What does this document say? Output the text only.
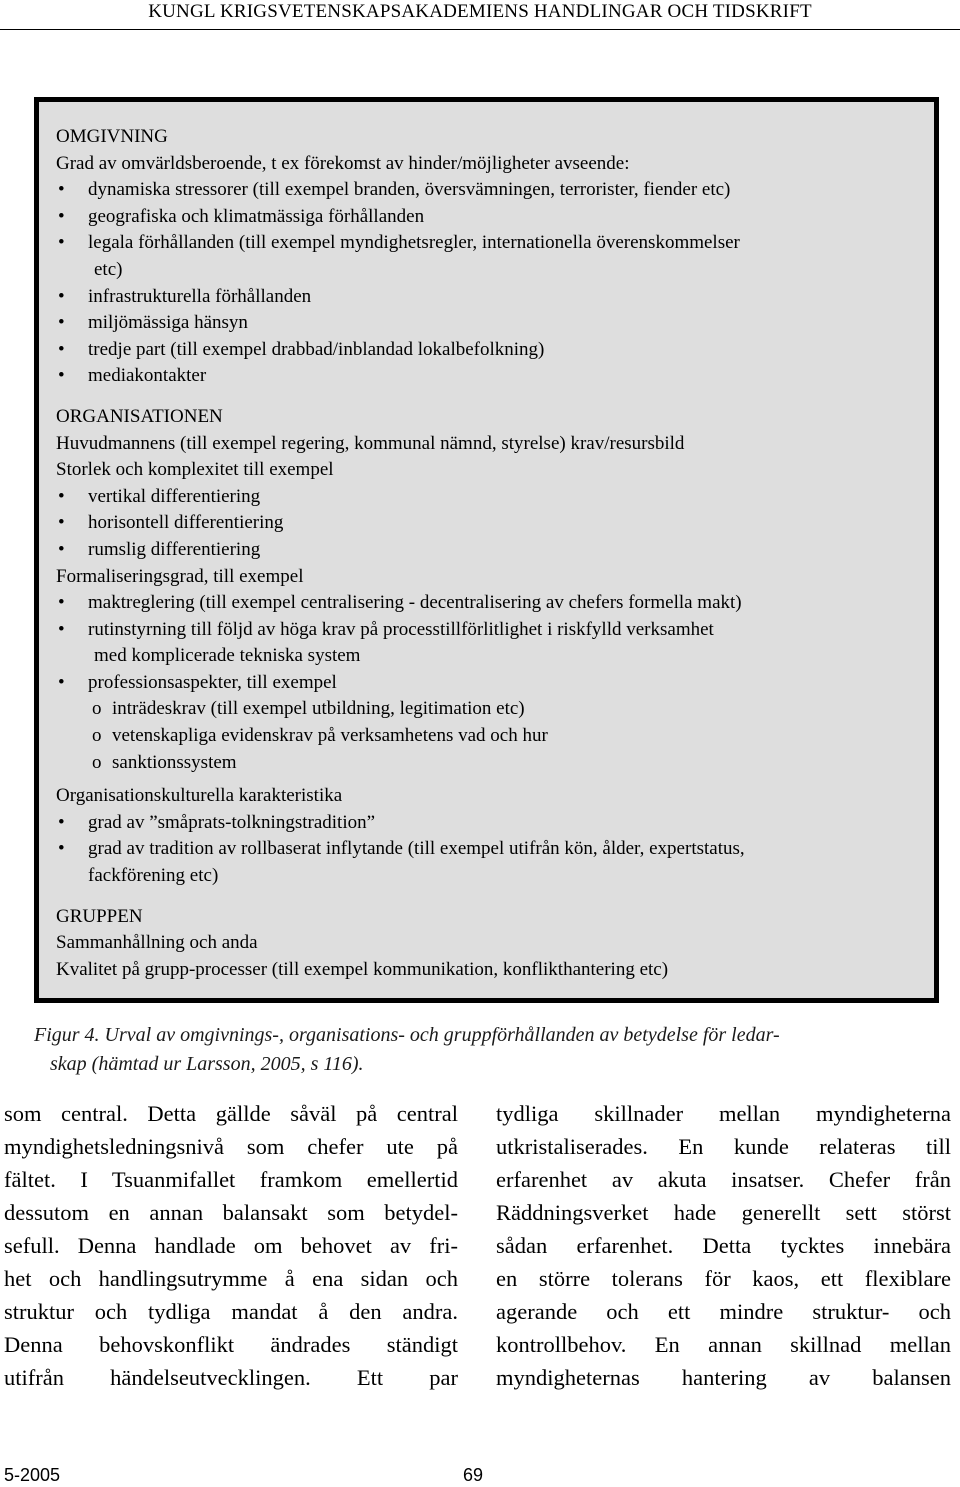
KUNGL KRIGSVETENSKAPSAKADEMIENS HANDLINGAR OCH TIDSKRIFT
OMGIVNING
Grad av omvärldsberoende, t ex förekomst av hinder/möjligheter avseende:
• dynamiska stressorer (till exempel branden, översvämningen, terrorister, fiender etc)
• geografiska och klimatmässiga förhållanden
• legala förhållanden (till exempel myndighetsregler, internationella överenskommelser
etc)
• infrastrukturella förhållanden
• miljömässiga hänsyn
• tredje part (till exempel drabbad/inblandad lokalbefolkning)
• mediakontakter
ORGANISATIONEN
Huvudmannens (till exempel regering, kommunal nämnd, styrelse) krav/resursbild
Storlek och komplexitet till exempel
• vertikal differentiering
• horisontell differentiering
• rumslig differentiering
Formaliseringsgrad, till exempel
• maktreglering (till exempel centralisering - decentralisering av chefers formella makt)
• rutinstyrning till följd av höga krav på processtillförlitlighet i riskfylld verksamhet
med komplicerade tekniska system
• professionsaspekter, till exempel
o inträdeskrav (till exempel utbildning, legitimation etc)
o vetenskapliga evidenskrav på verksamhetens vad och hur
o sanktionssystem
Organisationskulturella karakteristika
• grad av ”småprats-tolkningstradition”
• grad av tradition av rollbaserat inflytande (till exempel utifrån kön, ålder, expertstatus,
fackförening etc)
GRUPPEN
Sammanhållning och anda
Kvalitet på grupp-processer (till exempel kommunikation, konflikthantering etc)
Figur 4. Urval av omgivnings-, organisations- och gruppförhållanden av betydelse för ledar-
skap (hämtad ur Larsson, 2005, s 116).
som central. Detta gällde såväl på central
myndighetsledningsnivå som chefer ute på
fältet. I Tsuanmifallet framkom emellertid
dessutom en annan balansakt som betydel-
sefull. Denna handlade om behovet av fri-
het och handlingsutrymme å ena sidan och
struktur och tydliga mandat å den andra.
Denna behovskonflikt ändrades ständigt
utifrån händelseutvecklingen. Ett par
tydliga skillnader mellan myndigheterna
utkristaliserades. En kunde relateras till
erfarenhet av akuta insatser. Chefer från
Räddningsverket hade generellt sett störst
sådan erfarenhet. Detta tycktes innebära
en större tolerans för kaos, ett flexiblare
agerande och ett mindre struktur- och
kontrollbehov. En annan skillnad mellan
myndigheternas hantering av balansen
5-2005	69
